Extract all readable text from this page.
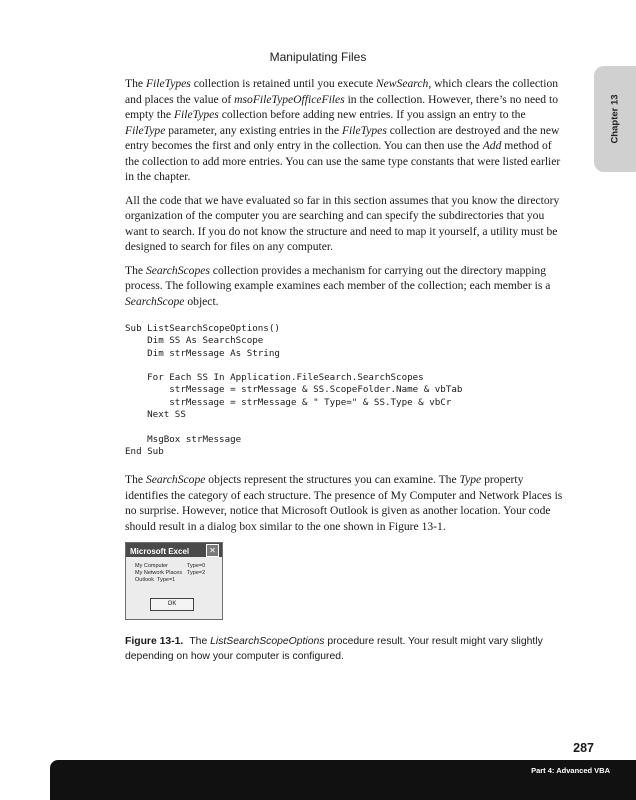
Manipulating Files
Chapter 13

The FileTypes collection is retained until you execute NewSearch, which clears the collection and places the value of msoFileTypeOfficeFiles in the collection. However, there’s no need to empty the FileTypes collection before adding new entries. If you assign an entry to the FileType parameter, any existing entries in the FileTypes collection are destroyed and the new entry becomes the first and only entry in the collection. You can then use the Add method of the collection to add more entries. You can use the same type constants that were listed earlier in the chapter.

All the code that we have evaluated so far in this section assumes that you know the directory organization of the computer you are searching and can specify the subdirectories that you want to search. If you do not know the structure and need to map it yourself, a utility must be designed to search for files on any computer.

The SearchScopes collection provides a mechanism for carrying out the directory mapping process. The following example examines each member of the collection; each member is a SearchScope object.

Sub ListSearchScopeOptions()
Dim SS As SearchScope
Dim strMessage As String

For Each SS In Application.FileSearch.SearchScopes
strMessage = strMessage & SS.ScopeFolder.Name & vbTab
strMessage = strMessage & " Type=" & SS.Type & vbCr
Next SS

MsgBox strMessage
End Sub

The SearchScope objects represent the structures you can examine. The Type property identifies the category of each structure. The presence of My Computer and Network Places is no surprise. However, notice that Microsoft Outlook is given as another location. Your code should result in a dialog box similar to the one shown in Figure 13-1.

Microsoft Excel	✕
My Computer	Type=0
My Network Places Type=2
Outlook Type=1
OK
Figure 13-1. The ListSearchScopeOptions procedure result. Your result might vary slightly depending on how your computer is configured.
287
Part 4: Advanced VBA
